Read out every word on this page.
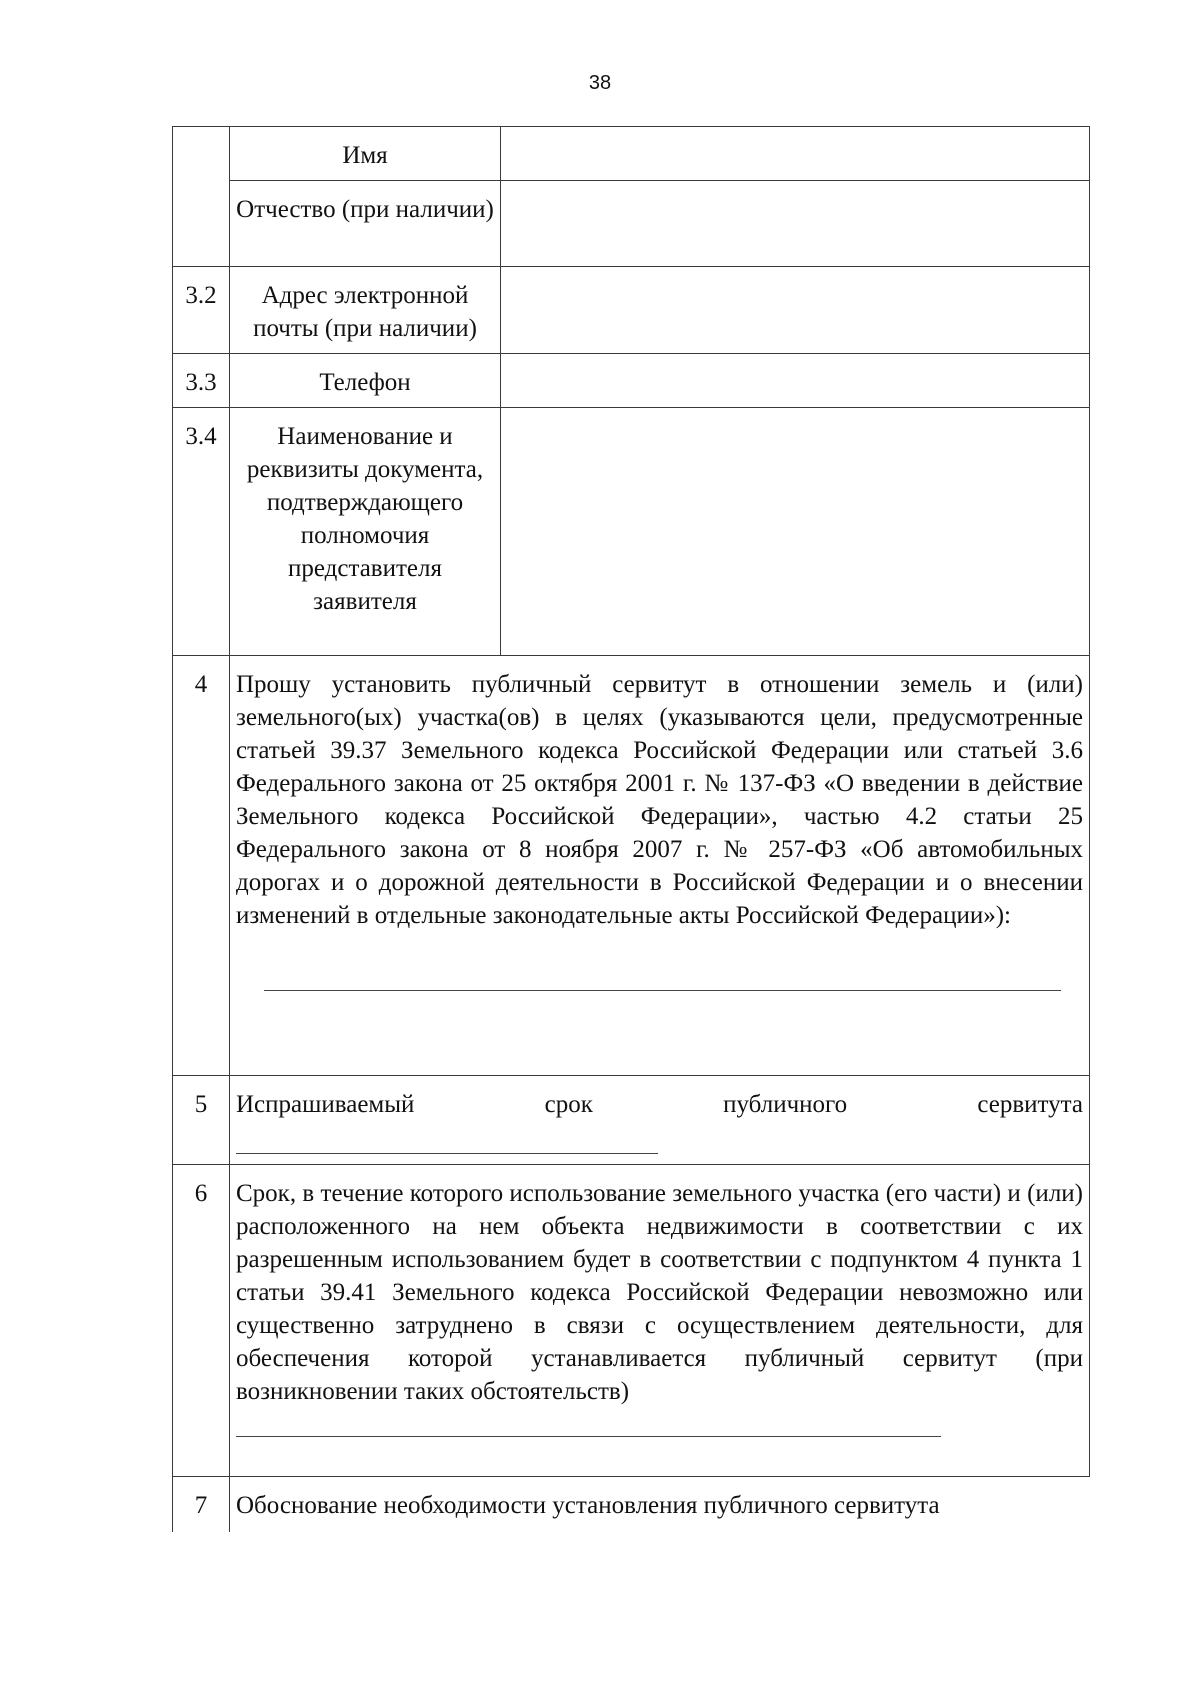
38
	Имя	
	Отчество (при наличии)	
3.2	Адрес электронной почты (при наличии)	
3.3	Телефон	
3.4	Наименование и реквизиты документа, подтверждающего полномочия представителя заявителя	
4	Прошу установить публичный сервитут в отношении земель и (или) земельного(ых) участка(ов) в целях (указываются цели, предусмотренные статьей 39.37 Земельного кодекса Российской Федерации или статьей 3.6 Федерального закона от 25 октября 2001 г. № 137-ФЗ «О введении в действие Земельного кодекса Российской Федерации», частью 4.2 статьи 25 Федерального закона от 8 ноября 2007 г. № 257-ФЗ «Об автомобильных дорогах и о дорожной деятельности в Российской Федерации и о внесении изменений в отдельные законодательные акты Российской Федерации»):	

5	Испрашиваемый срок публичного сервитута	

6	Срок, в течение которого использование земельного участка (его части) и (или) расположенного на нем объекта недвижимости в соответствии с их разрешенным использованием будет в соответствии с подпунктом 4 пункта 1 статьи 39.41 Земельного кодекса Российской Федерации невозможно или существенно затруднено в связи с осуществлением деятельности, для обеспечения которой устанавливается публичный сервитут (при возникновении таких обстоятельств)	

7	Обоснование необходимости установления публичного сервитута	
